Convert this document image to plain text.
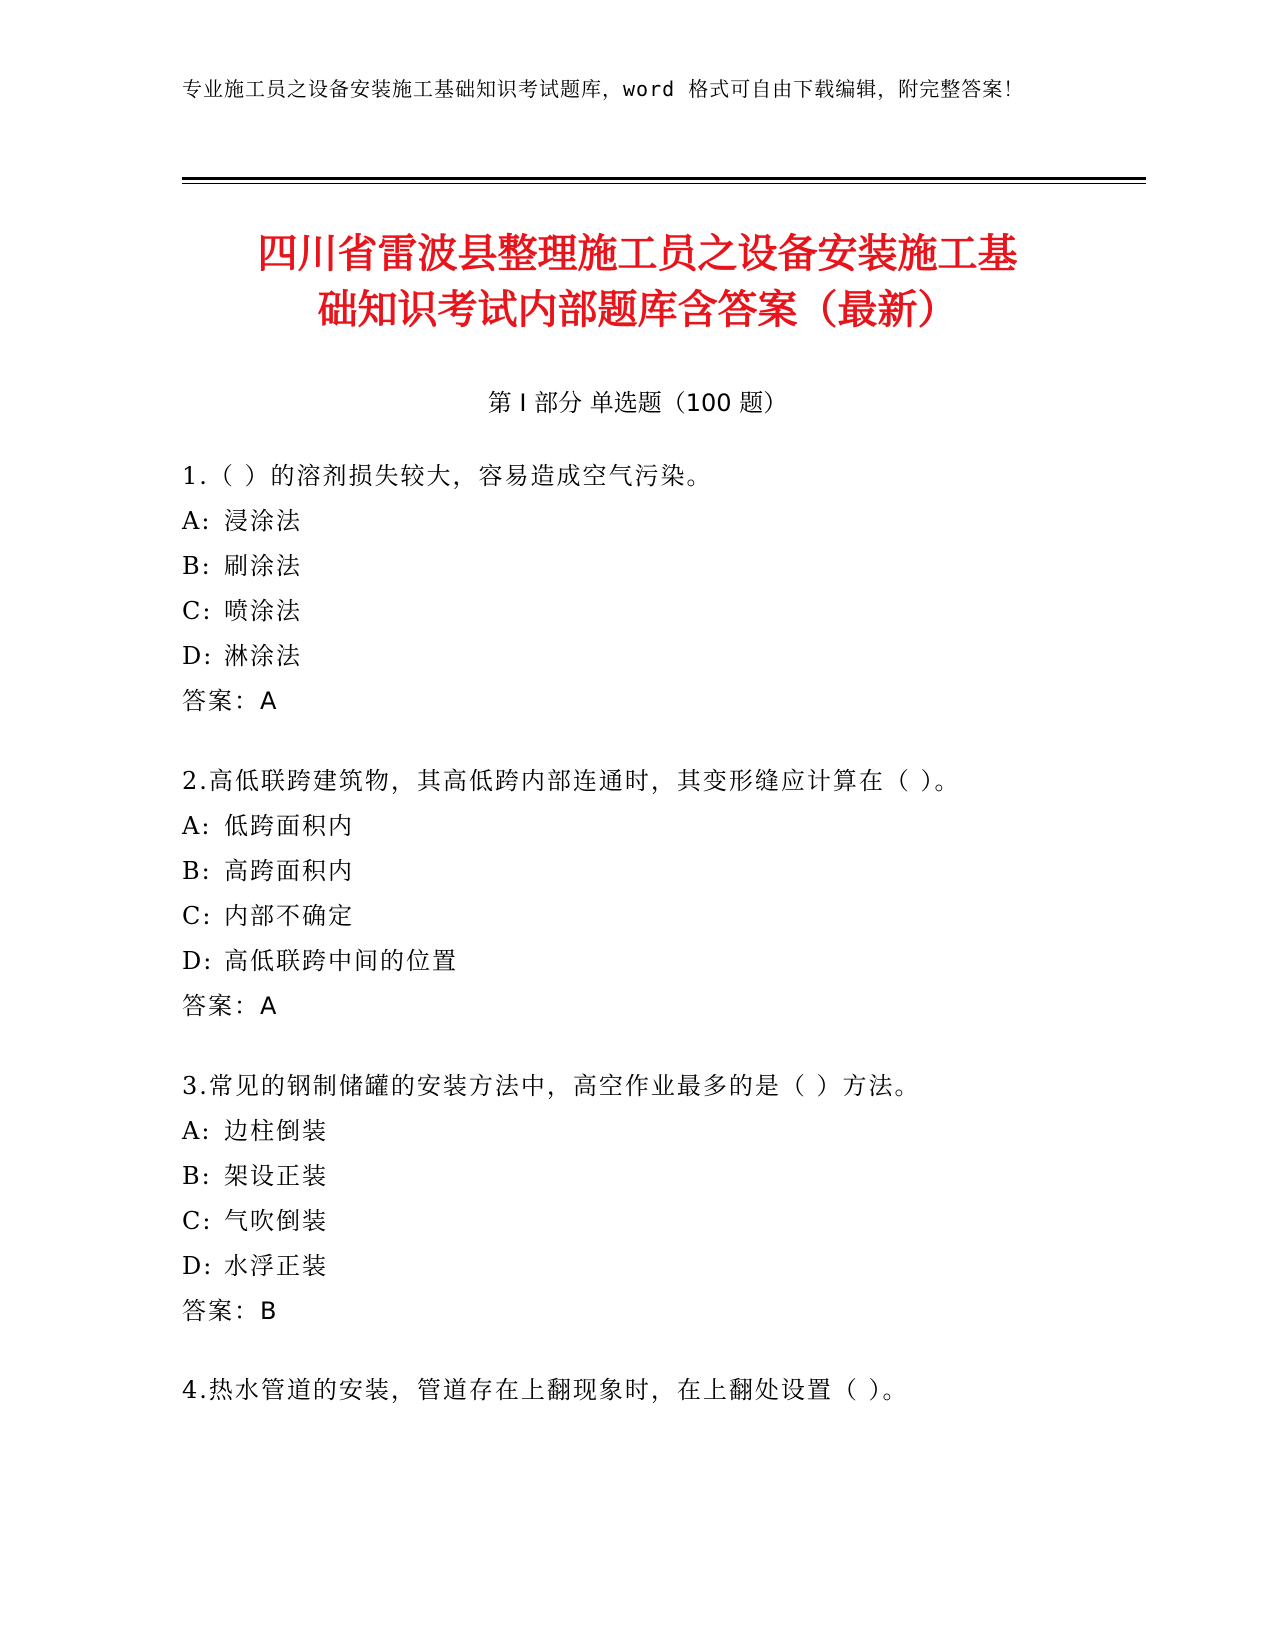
专业施工员之设备安装施工基础知识考试题库，word 格式可自由下载编辑，附完整答案！
四川省雷波县整理施工员之设备安装施工基
础知识考试内部题库含答案（最新）
第 I 部分 单选题（100 题）
1.（ ）的溶剂损失较大，容易造成空气污染。
A: 浸涂法
B: 刷涂法
C: 喷涂法
D: 淋涂法
答案：A
2.高低联跨建筑物，其高低跨内部连通时，其变形缝应计算在（ ）。
A: 低跨面积内
B: 高跨面积内
C: 内部不确定
D: 高低联跨中间的位置
答案：A
3.常见的钢制储罐的安装方法中，高空作业最多的是（ ）方法。
A: 边柱倒装
B: 架设正装
C: 气吹倒装
D: 水浮正装
答案：B
4.热水管道的安装，管道存在上翻现象时，在上翻处设置（ ）。
